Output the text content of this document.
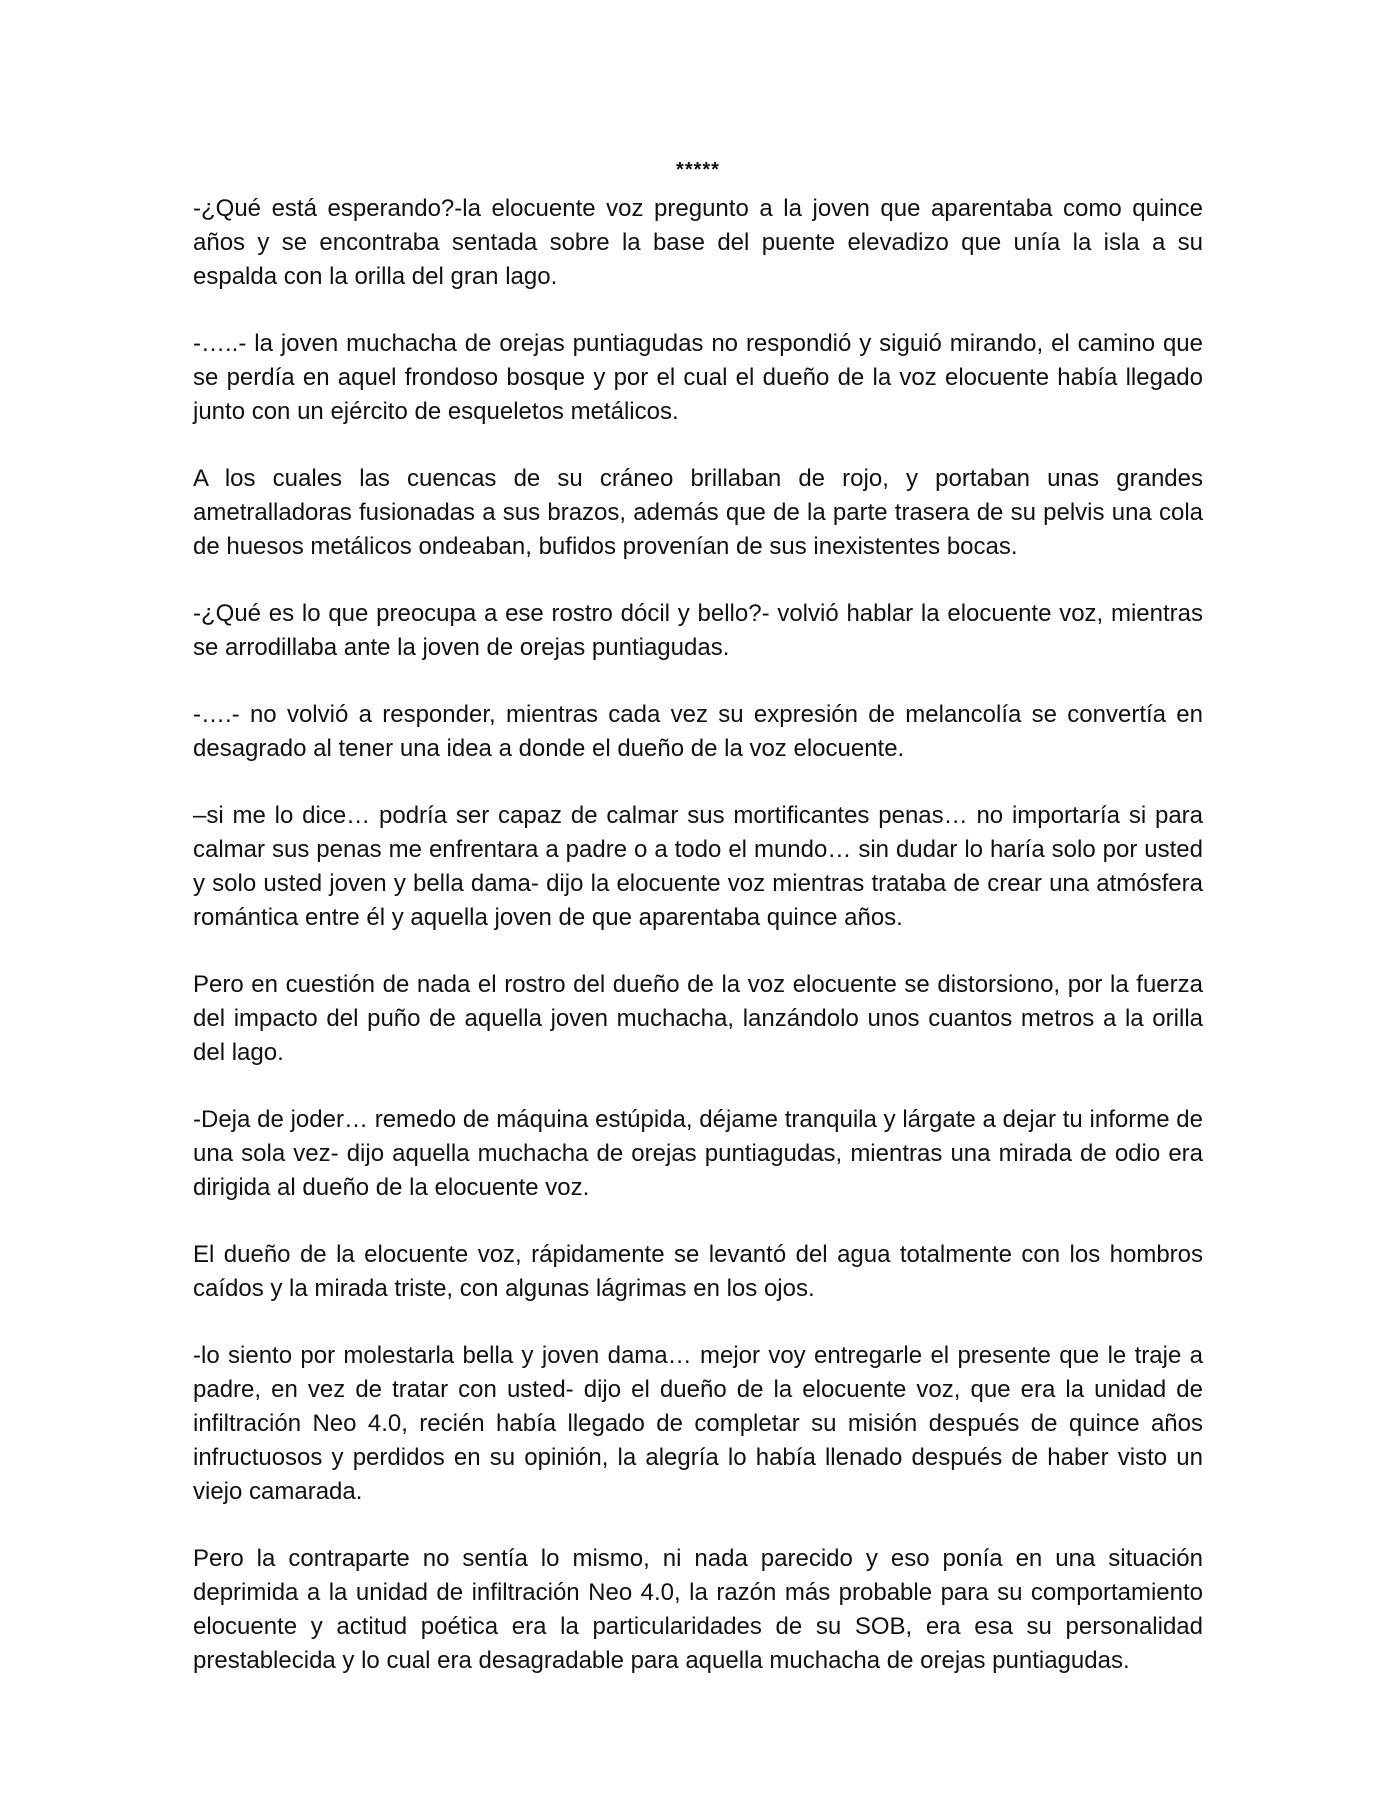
*****

-¿Qué está esperando?-la elocuente voz pregunto a la joven que aparentaba como quince años y se encontraba sentada sobre la base del puente elevadizo que unía la isla a su espalda con la orilla del gran lago.

-…..- la joven muchacha de orejas puntiagudas no respondió y siguió mirando, el camino que se perdía en aquel frondoso bosque y por el cual el dueño de la voz elocuente había llegado junto con un ejército de esqueletos metálicos.

A los cuales las cuencas de su cráneo brillaban de rojo, y portaban unas grandes ametralladoras fusionadas a sus brazos, además que de la parte trasera de su pelvis una cola de huesos metálicos ondeaban, bufidos provenían de sus inexistentes bocas.

-¿Qué es lo que preocupa a ese rostro dócil y bello?- volvió hablar la elocuente voz, mientras se arrodillaba ante la joven de orejas puntiagudas.

-….- no volvió a responder, mientras cada vez su expresión de melancolía se convertía en desagrado al tener una idea a donde el dueño de la voz elocuente.

–si me lo dice… podría ser capaz de calmar sus mortificantes penas… no importaría si para calmar sus penas me enfrentara a padre o a todo el mundo… sin dudar lo haría solo por usted y solo usted joven y bella dama- dijo la elocuente voz mientras trataba de crear una atmósfera romántica entre él y aquella joven de que aparentaba quince años.

Pero en cuestión de nada el rostro del dueño de la voz elocuente se distorsiono, por la fuerza del impacto del puño de aquella joven muchacha, lanzándolo unos cuantos metros a la orilla del lago.

-Deja de joder… remedo de máquina estúpida, déjame tranquila y lárgate a dejar tu informe de una sola vez- dijo aquella muchacha de orejas puntiagudas, mientras una mirada de odio era dirigida al dueño de la elocuente voz.

El dueño de la elocuente voz, rápidamente se levantó del agua totalmente con los hombros caídos y la mirada triste, con algunas lágrimas en los ojos.

-lo siento por molestarla bella y joven dama… mejor voy entregarle el presente que le traje a padre, en vez de tratar con usted- dijo el dueño de la elocuente voz, que era la unidad de infiltración Neo 4.0, recién había llegado de completar su misión después de quince años infructuosos y perdidos en su opinión, la alegría lo había llenado después de haber visto un viejo camarada.

Pero la contraparte no sentía lo mismo, ni nada parecido y eso ponía en una situación deprimida a la unidad de infiltración Neo 4.0, la razón más probable para su comportamiento elocuente y actitud poética era la particularidades de su SOB, era esa su personalidad prestablecida y lo cual era desagradable para aquella muchacha de orejas puntiagudas.
